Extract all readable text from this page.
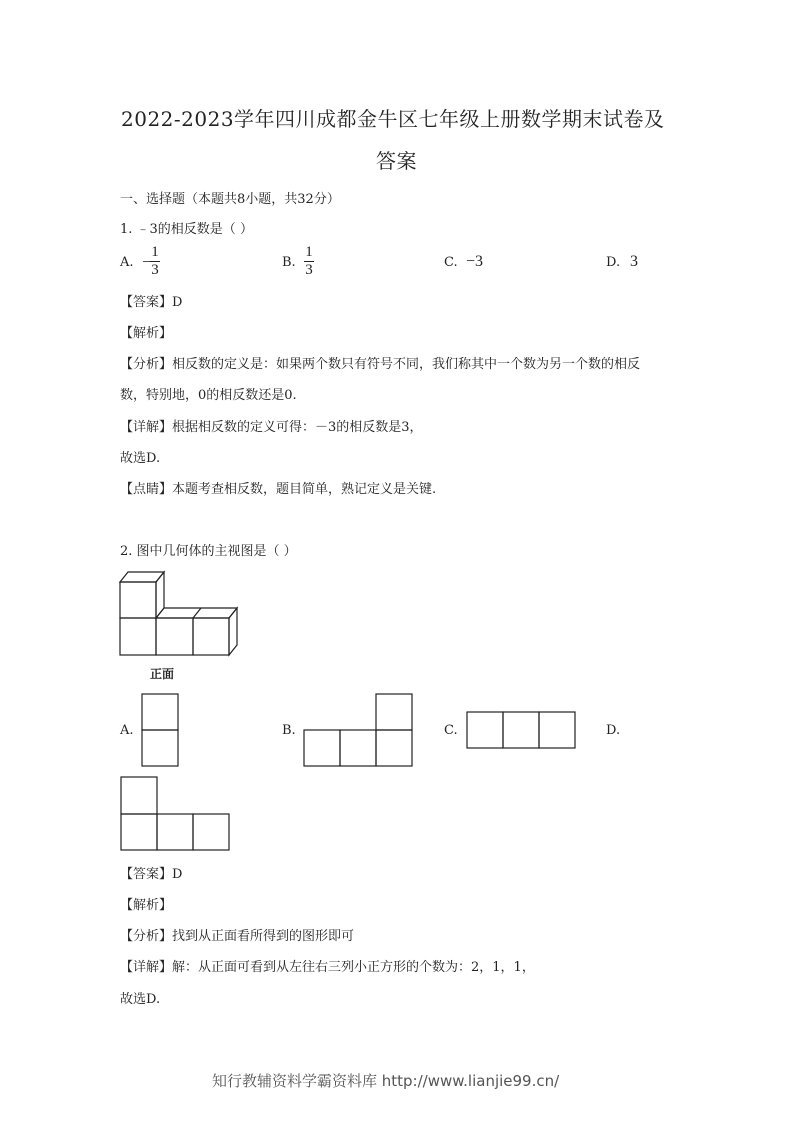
2022-2023学年四川成都金牛区七年级上册数学期末试卷及
答案
一、选择题（本题共8小题，共32分）
1. ﹣3的相反数是（ ）
A. −
1
3	B.
1
3	C. −3	D. 3
【答案】D
【解析】
【分析】相反数的定义是：如果两个数只有符号不同，我们称其中一个数为另一个数的相反
数，特别地，0的相反数还是0.
【详解】根据相反数的定义可得：－3的相反数是3，
故选D.
【点睛】本题考查相反数，题目简单，熟记定义是关键.
2. 图中几何体的主视图是（ ）
正面
A.	B.	C.	D.
【答案】D
【解析】
【分析】找到从正面看所得到的图形即可
【详解】解：从正面可看到从左往右三列小正方形的个数为：2，1，1，
故选D.
知行教辅资料学霸资料库 http://www.lianjie99.cn/
